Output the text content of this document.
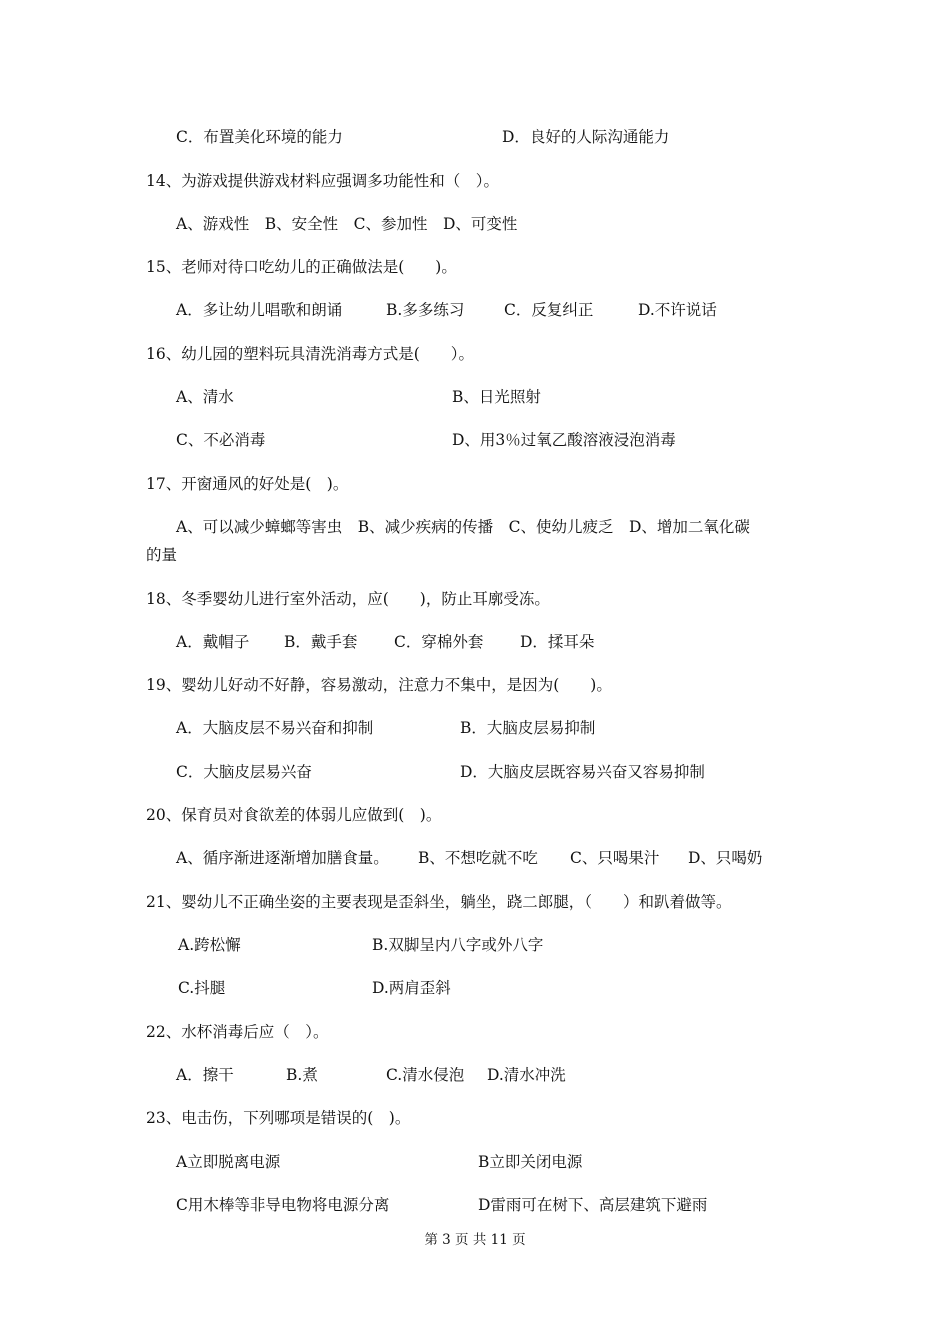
C．布置美化环境的能力	D．良好的人际沟通能力
14、为游戏提供游戏材料应强调多功能性和（　）。
A、游戏性　B、安全性　C、参加性　D、可变性
15、老师对待口吃幼儿的正确做法是(　　)。
A．多让幼儿唱歌和朗诵	B.多多练习	C．反复纠正	D.不许说话
16、幼儿园的塑料玩具清洗消毒方式是(　　）。
A、清水	B、日光照射
C、不必消毒	D、用3％过氧乙酸溶液浸泡消毒
17、开窗通风的好处是(　)。
A、可以减少蟑螂等害虫　B、减少疾病的传播　C、使幼儿疲乏　D、增加二氧化碳
的量
18、冬季婴幼儿进行室外活动，应(　　)，防止耳廓受冻。
A．戴帽子 B．戴手套 C．穿棉外套 D．揉耳朵
19、婴幼儿好动不好静，容易激动，注意力不集中，是因为(　　)。
A．大脑皮层不易兴奋和抑制	B．大脑皮层易抑制
C．大脑皮层易兴奋	D．大脑皮层既容易兴奋又容易抑制
20、保育员对食欲差的体弱儿应做到(　)。
A、循序渐进逐渐增加膳食量。 B、不想吃就不吃 C、只喝果汁 D、只喝奶
21、婴幼儿不正确坐姿的主要表现是歪斜坐，躺坐，跷二郎腿，（　　）和趴着做等。
A.跨松懈	B.双脚呈内八字或外八字
C.抖腿	D.两肩歪斜
22、水杯消毒后应（　）。
A．擦干	B.煮	C.清水侵泡 D.清水冲洗
23、电击伤，下列哪项是错误的(　)。
A立即脱离电源	B立即关闭电源
C用木棒等非导电物将电源分离	D雷雨可在树下、高层建筑下避雨
第 3 页 共 11 页
